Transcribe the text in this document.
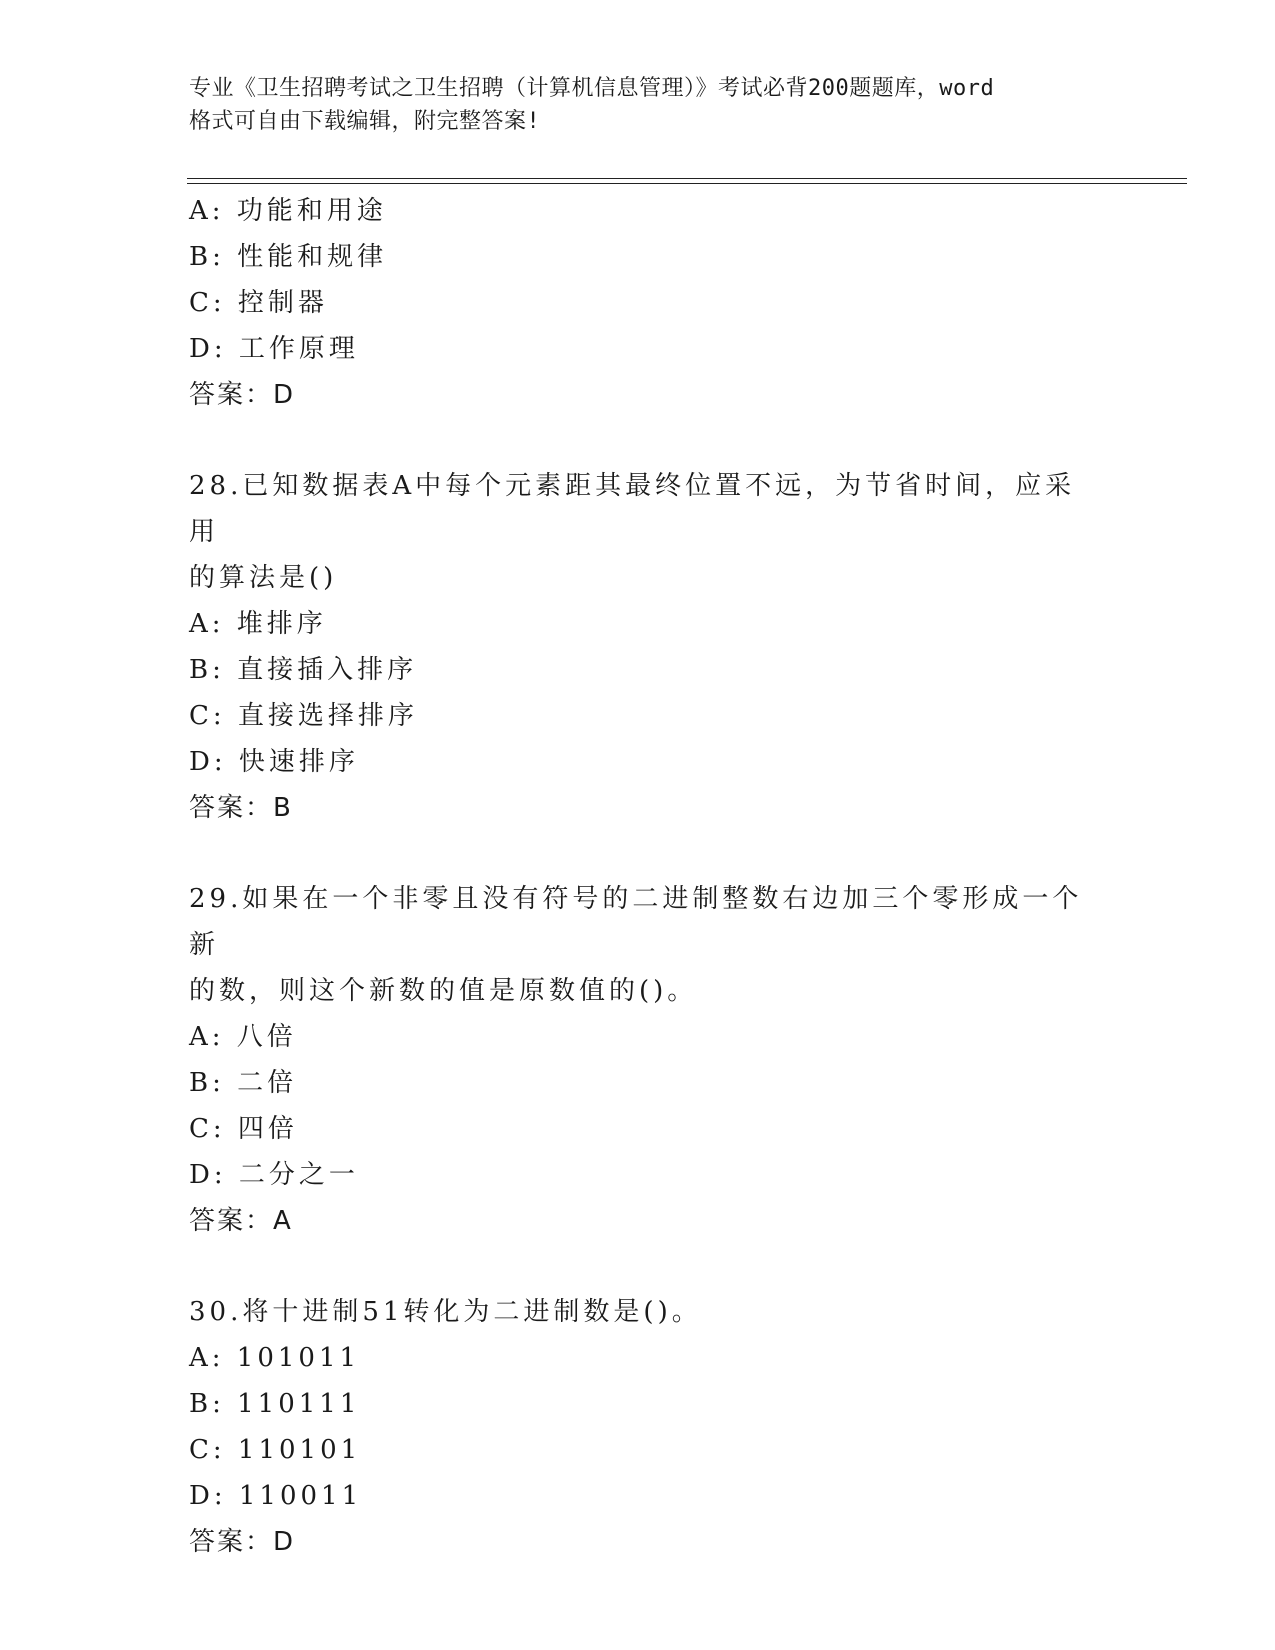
专业《卫生招聘考试之卫生招聘（计算机信息管理）》考试必背200题题库，word
格式可自由下载编辑，附完整答案!
A: 功能和用途
B: 性能和规律
C: 控制器
D: 工作原理
答案：D
28.已知数据表A中每个元素距其最终位置不远，为节省时间，应采用
的算法是()
A: 堆排序
B: 直接插入排序
C: 直接选择排序
D: 快速排序
答案：B
29.如果在一个非零且没有符号的二进制整数右边加三个零形成一个新
的数，则这个新数的值是原数值的()。
A: 八倍
B: 二倍
C: 四倍
D: 二分之一
答案：A
30.将十进制51转化为二进制数是()。
A: 101011
B: 110111
C: 110101
D: 110011
答案：D
